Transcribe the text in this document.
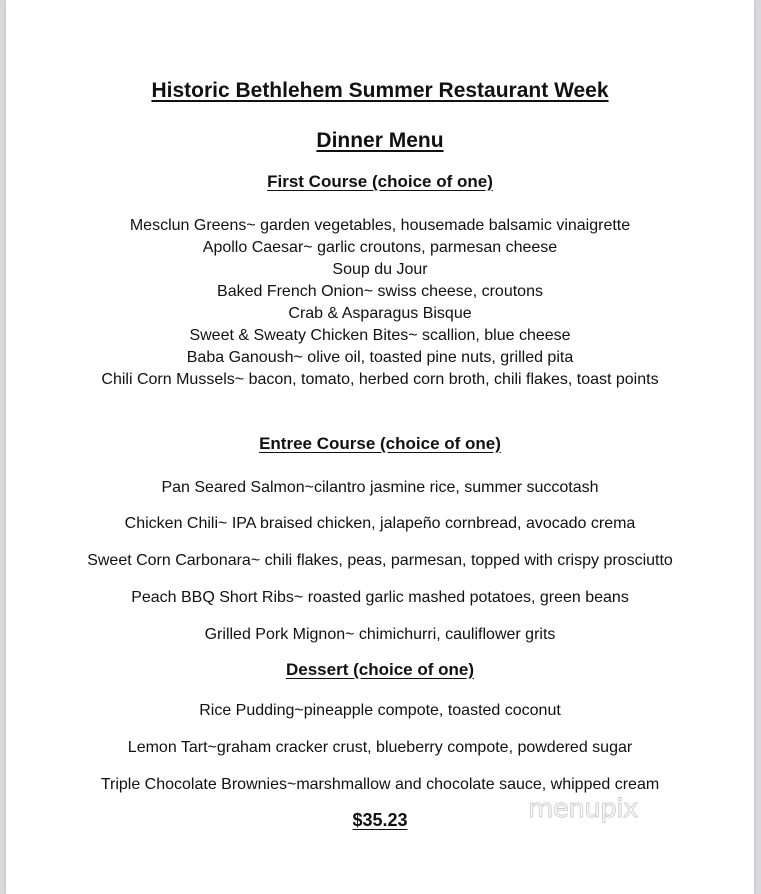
Historic Bethlehem Summer Restaurant Week
Dinner Menu
First Course (choice of one)
Mesclun Greens~ garden vegetables, housemade balsamic vinaigrette
Apollo Caesar~ garlic croutons, parmesan cheese
Soup du Jour
Baked French Onion~ swiss cheese, croutons
Crab & Asparagus Bisque
Sweet & Sweaty Chicken Bites~ scallion, blue cheese
Baba Ganoush~ olive oil, toasted pine nuts, grilled pita
Chili Corn Mussels~ bacon, tomato, herbed corn broth, chili flakes, toast points
Entree Course (choice of one)
Pan Seared Salmon~cilantro jasmine rice, summer succotash
Chicken Chili~ IPA braised chicken, jalapeño cornbread, avocado crema
Sweet Corn Carbonara~ chili flakes, peas, parmesan, topped with crispy prosciutto
Peach BBQ Short Ribs~ roasted garlic mashed potatoes, green beans
Grilled Pork Mignon~ chimichurri, cauliflower grits
Dessert (choice of one)
Rice Pudding~pineapple compote, toasted coconut
Lemon Tart~graham cracker crust, blueberry compote, powdered sugar
Triple Chocolate Brownies~marshmallow and chocolate sauce, whipped cream
$35.23	menupix
